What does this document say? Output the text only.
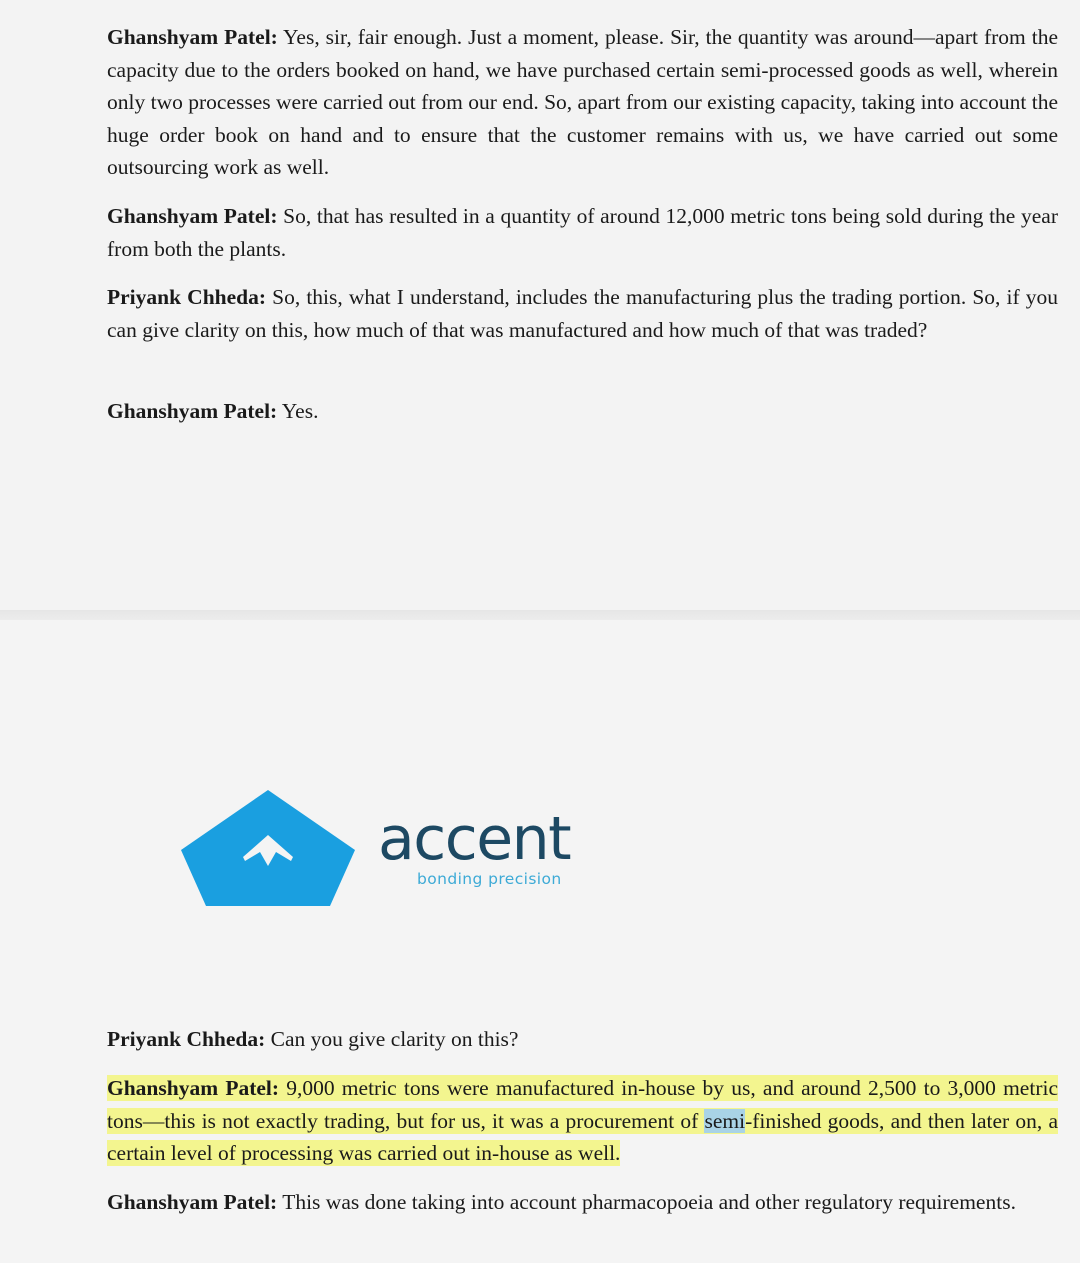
Ghanshyam Patel: Yes, sir, fair enough. Just a moment, please. Sir, the quantity was around—apart from the capacity due to the orders booked on hand, we have purchased certain semi-processed goods as well, wherein only two processes were carried out from our end. So, apart from our existing capacity, taking into account the huge order book on hand and to ensure that the customer remains with us, we have carried out some outsourcing work as well.

Ghanshyam Patel: So, that has resulted in a quantity of around 12,000 metric tons being sold during the year from both the plants.

Priyank Chheda: So, this, what I understand, includes the manufacturing plus the trading portion. So, if you can give clarity on this, how much of that was manufactured and how much of that was traded?

Ghanshyam Patel: Yes.

accent
bonding precision

Priyank Chheda: Can you give clarity on this?

Ghanshyam Patel: 9,000 metric tons were manufactured in-house by us, and around 2,500 to 3,000 metric tons—this is not exactly trading, but for us, it was a procurement of semi-finished goods, and then later on, a certain level of processing was carried out in-house as well.

Ghanshyam Patel: This was done taking into account pharmacopoeia and other regulatory requirements.
